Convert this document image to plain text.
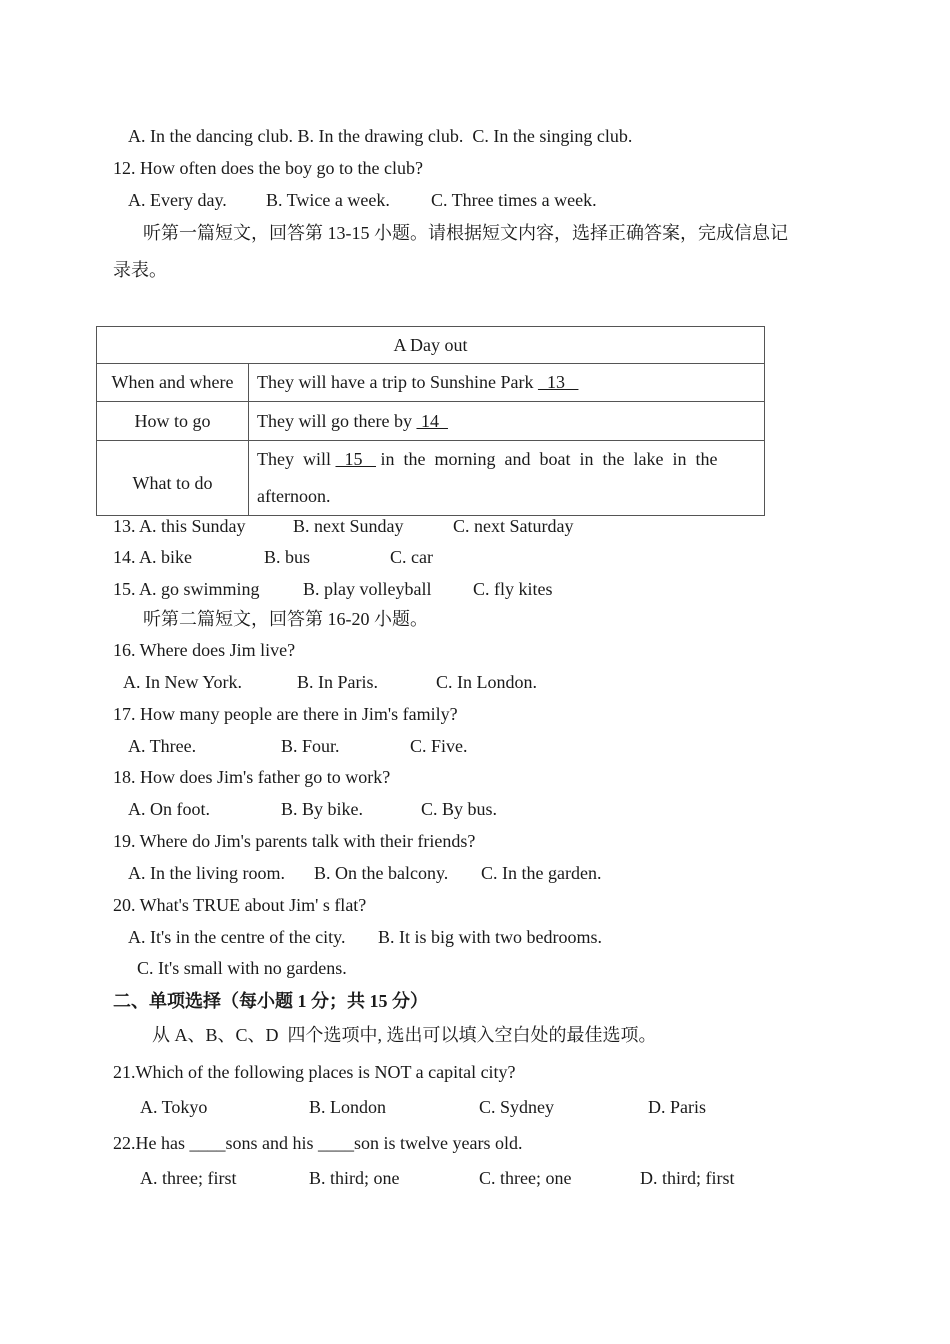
A. In the dancing club. B. In the drawing club.  C. In the singing club.
12. How often does the boy go to the club?
A. Every day. B. Twice a week. C. Three times a week.
听第一篇短文，回答第 13-15 小题。请根据短文内容，选择正确答案，完成信息记
录表。
A Day out	
When and where	They will have a trip to Sunshine Park   13
How to go	They will go there by  14
What to do	They  will   15    in  the  morning  and  boat  in  the  lake  in  the
afternoon.
13. A. this Sunday	B. next Sunday	C. next Saturday
14. A. bike	B. bus	C. car
15. A. go swimming B. play volleyball C. fly kites
听第二篇短文，回答第 16-20 小题。
16. Where does Jim live?
A. In New York.	B. In Paris.	C. In London.
17. How many people are there in Jim's family?
A. Three.	B. Four.	C. Five.
18. How does Jim's father go to work?
A. On foot.	B. By bike.	C. By bus.
19. Where do Jim's parents talk with their friends?
A. In the living room. B. On the balcony. C. In the garden.
20. What's TRUE about Jim' s flat?
A. It's in the centre of the city. B. It is big with two bedrooms.
C. It's small with no gardens.
二、单项选择（每小题 1 分；共 15 分）
从 A、B、C、D  四个选项中, 选出可以填入空白处的最佳选项。
21.Which of the following places is NOT a capital city?
A. Tokyo	B. London	C. Sydney	D. Paris
22.He has ____sons and his ____son is twelve years old.
A. three; first	B. third; one	C. three; one	D. third; first
